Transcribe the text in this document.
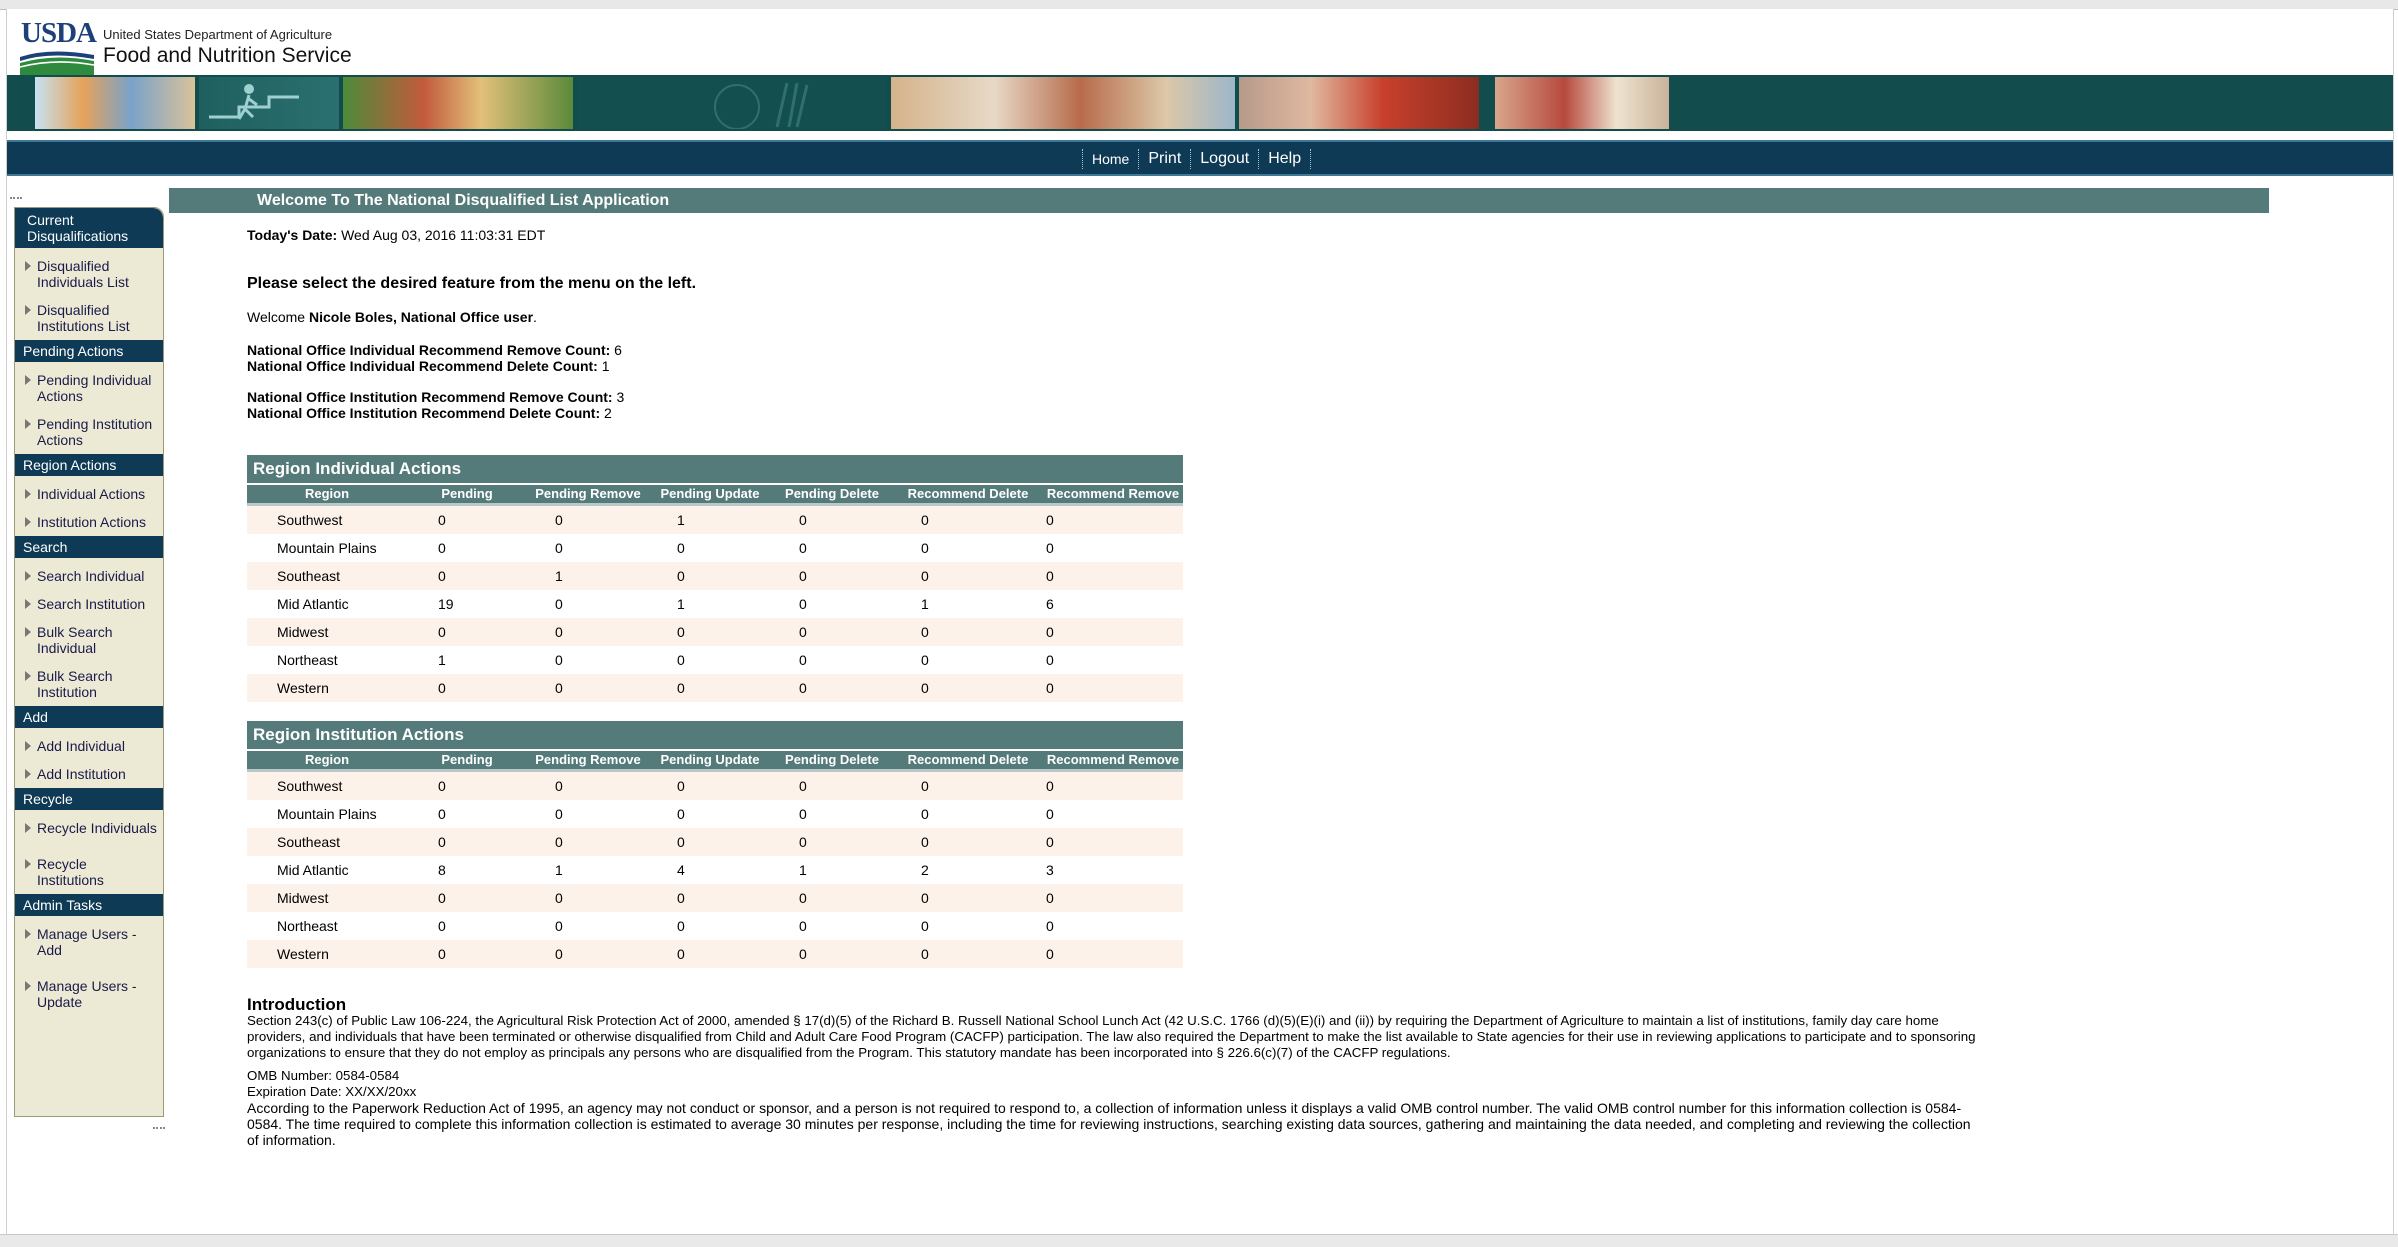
USDA United States Department of Agriculture
Food and Nutrition Service
Home	Print	Logout	Help
Current Disqualifications
Disqualified Individuals List
Disqualified Institutions List
Pending Actions
Pending Individual Actions
Pending Institution Actions
Region Actions
Individual Actions
Institution Actions
Search
Search Individual
Search Institution
Bulk Search Individual
Bulk Search Institution
Add
Add Individual
Add Institution
Recycle
Recycle Individuals
Recycle Institutions
Admin Tasks
Manage Users - Add
Manage Users - Update
Welcome To The National Disqualified List Application
Today's Date: Wed Aug 03, 2016 11:03:31 EDT
Please select the desired feature from the menu on the left.
Welcome Nicole Boles, National Office user.
National Office Individual Recommend Remove Count: 6
National Office Individual Recommend Delete Count: 1
National Office Institution Recommend Remove Count: 3
National Office Institution Recommend Delete Count: 2
Region Individual Actions
Region	Pending	Pending Remove	Pending Update	Pending Delete	Recommend Delete	Recommend Remove
Southwest	0	0	1	0	0	0
Mountain Plains	0	0	0	0	0	0
Southeast	0	1	0	0	0	0
Mid Atlantic	19	0	1	0	1	6
Midwest	0	0	0	0	0	0
Northeast	1	0	0	0	0	0
Western	0	0	0	0	0	0
Region Institution Actions
Region	Pending	Pending Remove	Pending Update	Pending Delete	Recommend Delete	Recommend Remove
Southwest	0	0	0	0	0	0
Mountain Plains	0	0	0	0	0	0
Southeast	0	0	0	0	0	0
Mid Atlantic	8	1	4	1	2	3
Midwest	0	0	0	0	0	0
Northeast	0	0	0	0	0	0
Western	0	0	0	0	0	0
Introduction
Section 243(c) of Public Law 106-224, the Agricultural Risk Protection Act of 2000, amended § 17(d)(5) of the Richard B. Russell National School Lunch Act (42 U.S.C. 1766 (d)(5)(E)(i) and (ii)) by requiring the Department of Agriculture to maintain a list of institutions, family day care home providers, and individuals that have been terminated or otherwise disqualified from Child and Adult Care Food Program (CACFP) participation. The law also required the Department to make the list available to State agencies for their use in reviewing applications to participate and to sponsoring organizations to ensure that they do not employ as principals any persons who are disqualified from the Program. This statutory mandate has been incorporated into § 226.6(c)(7) of the CACFP regulations.
OMB Number: 0584-0584
Expiration Date: XX/XX/20xx
According to the Paperwork Reduction Act of 1995, an agency may not conduct or sponsor, and a person is not required to respond to, a collection of information unless it displays a valid OMB control number. The valid OMB control number for this information collection is 0584-0584. The time required to complete this information collection is estimated to average 30 minutes per response, including the time for reviewing instructions, searching existing data sources, gathering and maintaining the data needed, and completing and reviewing the collection of information.
